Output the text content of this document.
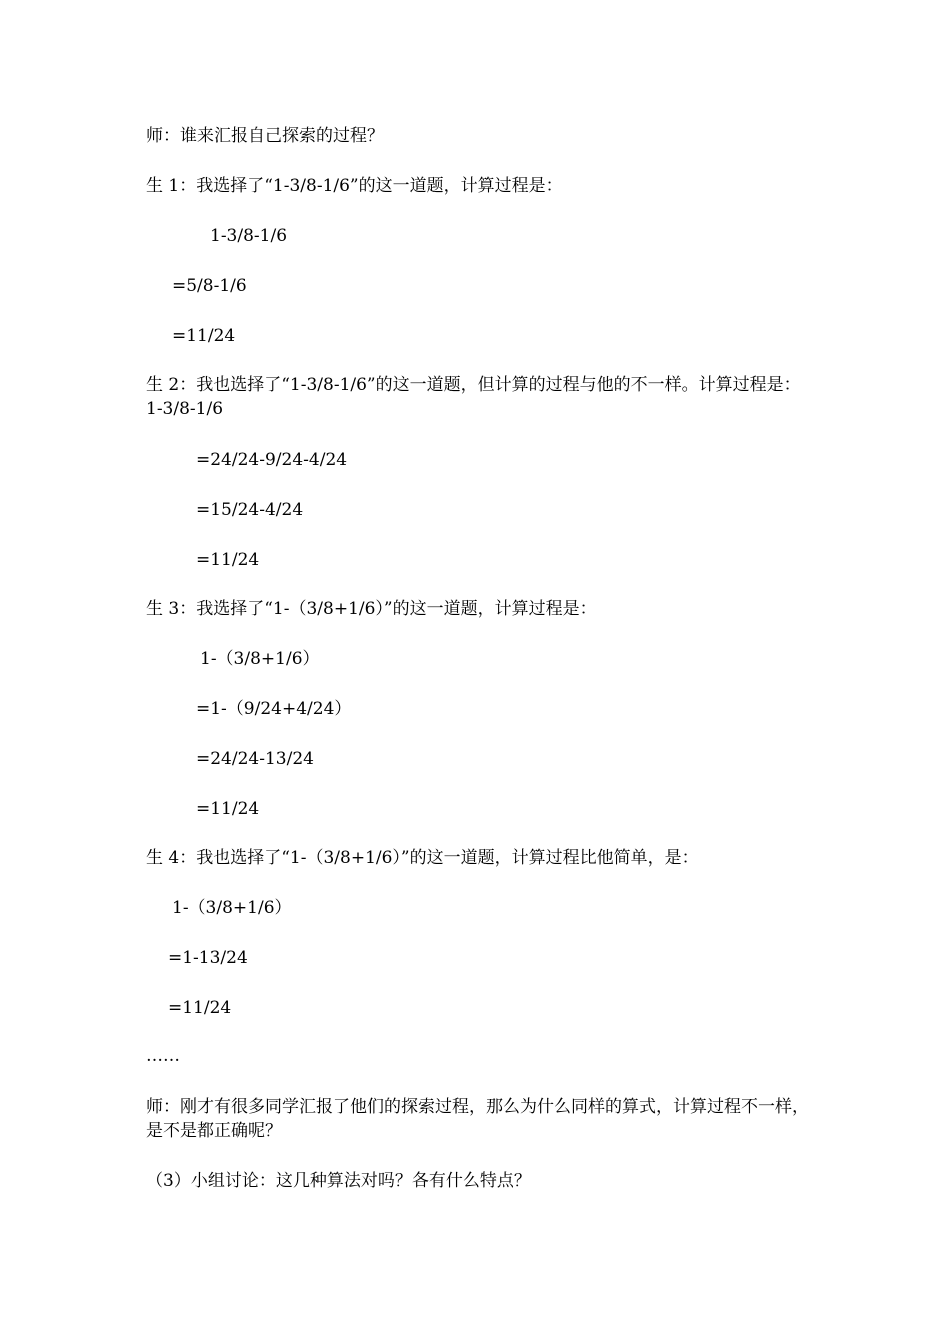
师：谁来汇报自己探索的过程？
生 1：我选择了“1-3/8-1/6”的这一道题，计算过程是：
1-3/8-1/6
=5/8-1/6
=11/24
生 2：我也选择了“1-3/8-1/6”的这一道题，但计算的过程与他的不一样。计算过程是： 1-3/8-1/6
=24/24-9/24-4/24
=15/24-4/24
=11/24
生 3：我选择了“1-（3/8+1/6）”的这一道题，计算过程是：
1-（3/8+1/6）
=1-（9/24+4/24）
=24/24-13/24
=11/24
生 4：我也选择了“1-（3/8+1/6）”的这一道题，计算过程比他简单，是：
1-（3/8+1/6）
=1-13/24
=11/24
……
师：刚才有很多同学汇报了他们的探索过程，那么为什么同样的算式，计算过程不一样，是不是都正确呢？
（3）小组讨论：这几种算法对吗？各有什么特点？
